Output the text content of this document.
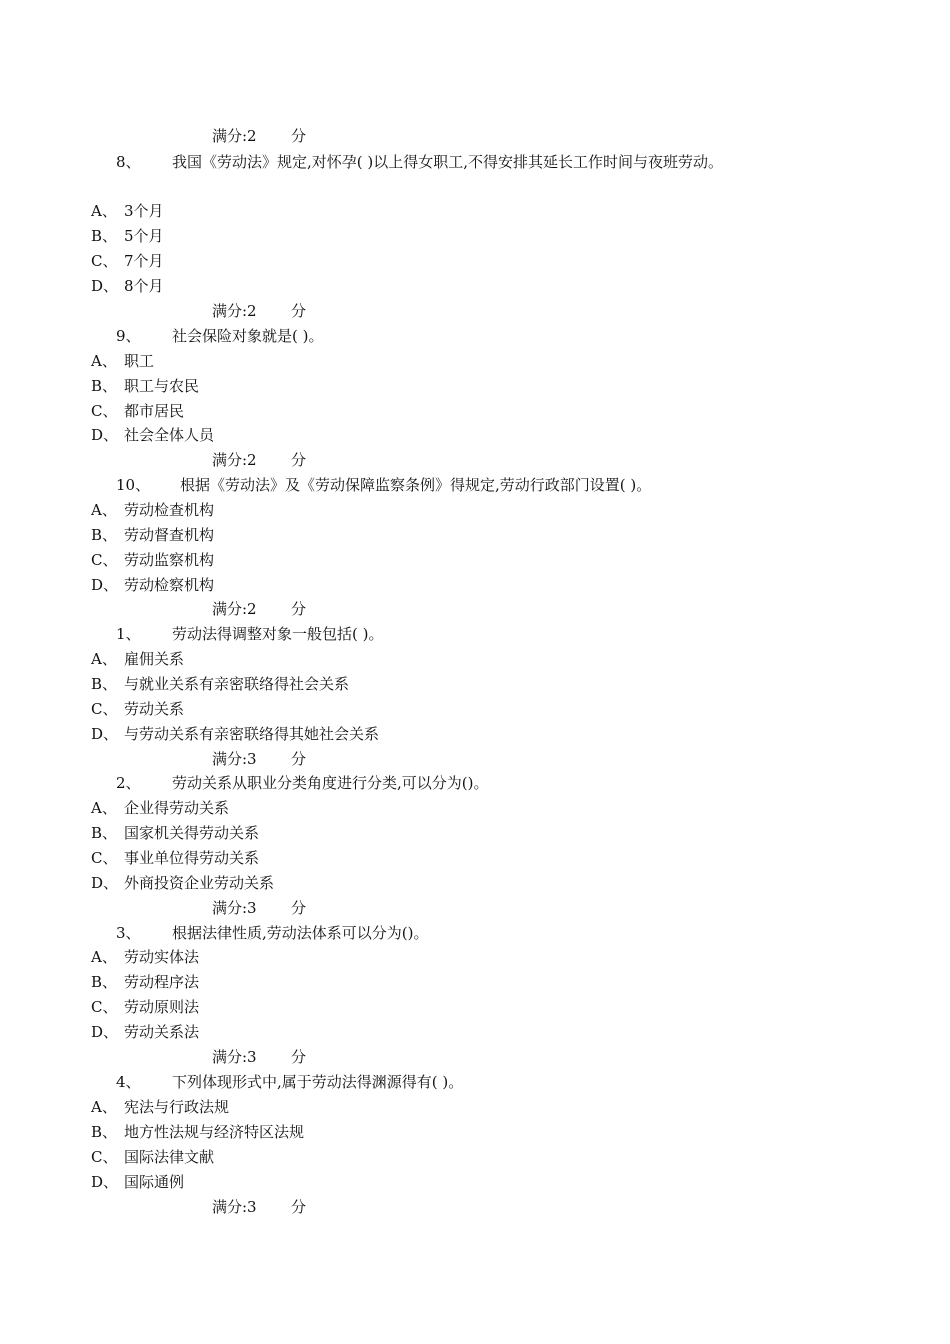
满分:2 分
8、 我国《劳动法》规定,对怀孕( )以上得女职工,不得安排其延长工作时间与夜班劳动。
A、 3个月
B、 5个月
C、 7个月
D、 8个月
满分:2 分
9、 社会保险对象就是( )。
A、 职工
B、 职工与农民
C、 都市居民
D、 社会全体人员
满分:2 分
10、 根据《劳动法》及《劳动保障监察条例》得规定,劳动行政部门设置( )。
A、 劳动检查机构
B、 劳动督查机构
C、 劳动监察机构
D、 劳动检察机构
满分:2 分
1、 劳动法得调整对象一般包括( )。
A、 雇佣关系
B、 与就业关系有亲密联络得社会关系
C、 劳动关系
D、 与劳动关系有亲密联络得其她社会关系
满分:3 分
2、 劳动关系从职业分类角度进行分类,可以分为()。
A、 企业得劳动关系
B、 国家机关得劳动关系
C、 事业单位得劳动关系
D、 外商投资企业劳动关系
满分:3 分
3、 根据法律性质,劳动法体系可以分为()。
A、 劳动实体法
B、 劳动程序法
C、 劳动原则法
D、 劳动关系法
满分:3 分
4、 下列体现形式中,属于劳动法得渊源得有( )。
A、 宪法与行政法规
B、 地方性法规与经济特区法规
C、 国际法律文献
D、 国际通例
满分:3 分
